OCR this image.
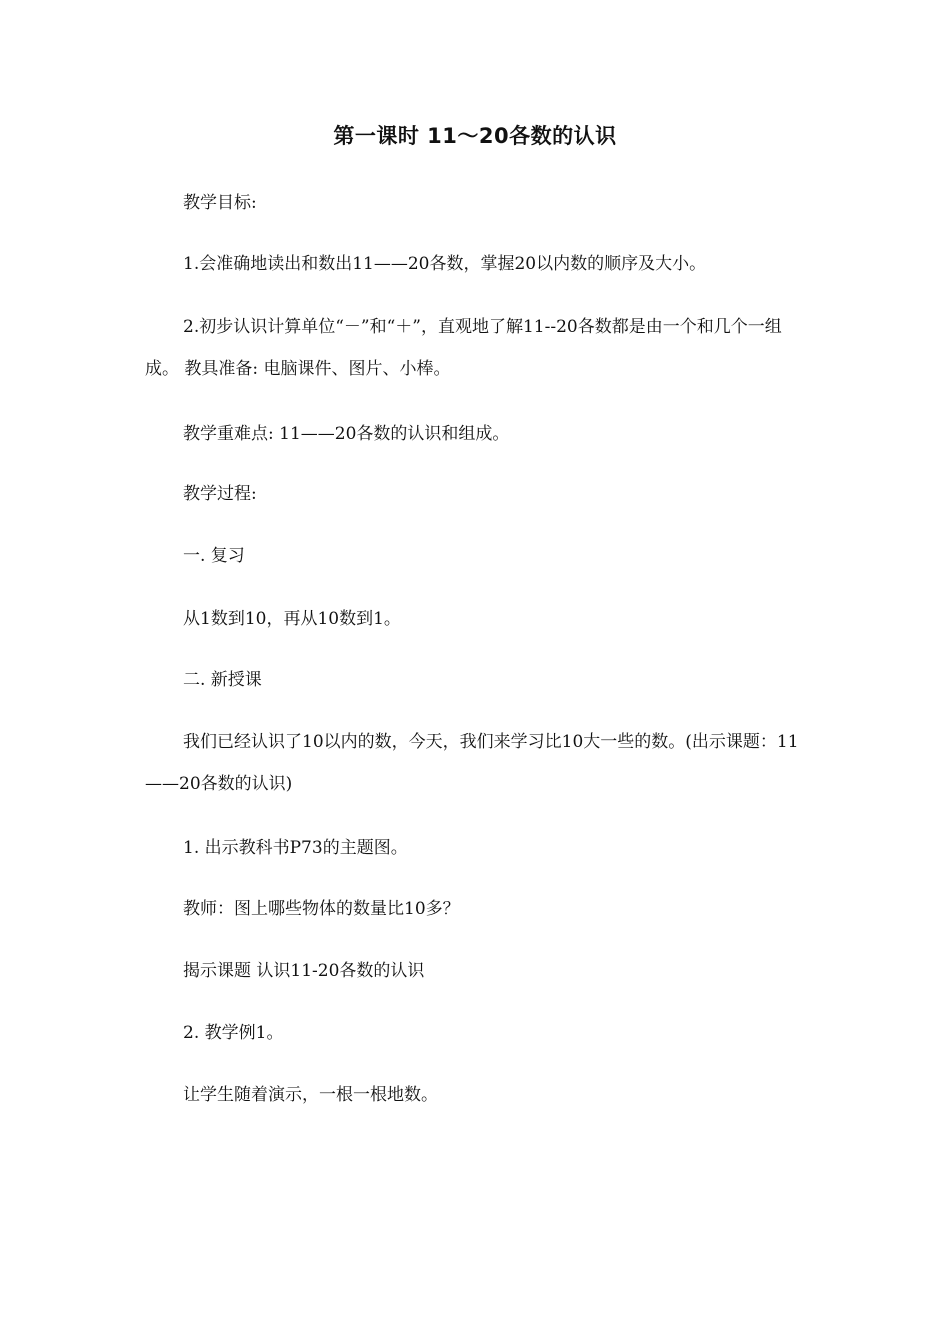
第一课时 11～20各数的认识
教学目标:
1.会准确地读出和数出11——20各数，掌握20以内数的顺序及大小。
2.初步认识计算单位“－”和“＋”，直观地了解11--20各数都是由一个和几个一组成。 教具准备: 电脑课件、图片、小棒。
教学重难点: 11——20各数的认识和组成。
教学过程:
一. 复习
从1数到10，再从10数到1。
二. 新授课
我们已经认识了10以内的数，今天，我们来学习比10大一些的数。(出示课题：11——20各数的认识)
1. 出示教科书P73的主题图。
教师：图上哪些物体的数量比10多？
揭示课题 认识11-20各数的认识
2. 教学例1。
让学生随着演示，一根一根地数。
